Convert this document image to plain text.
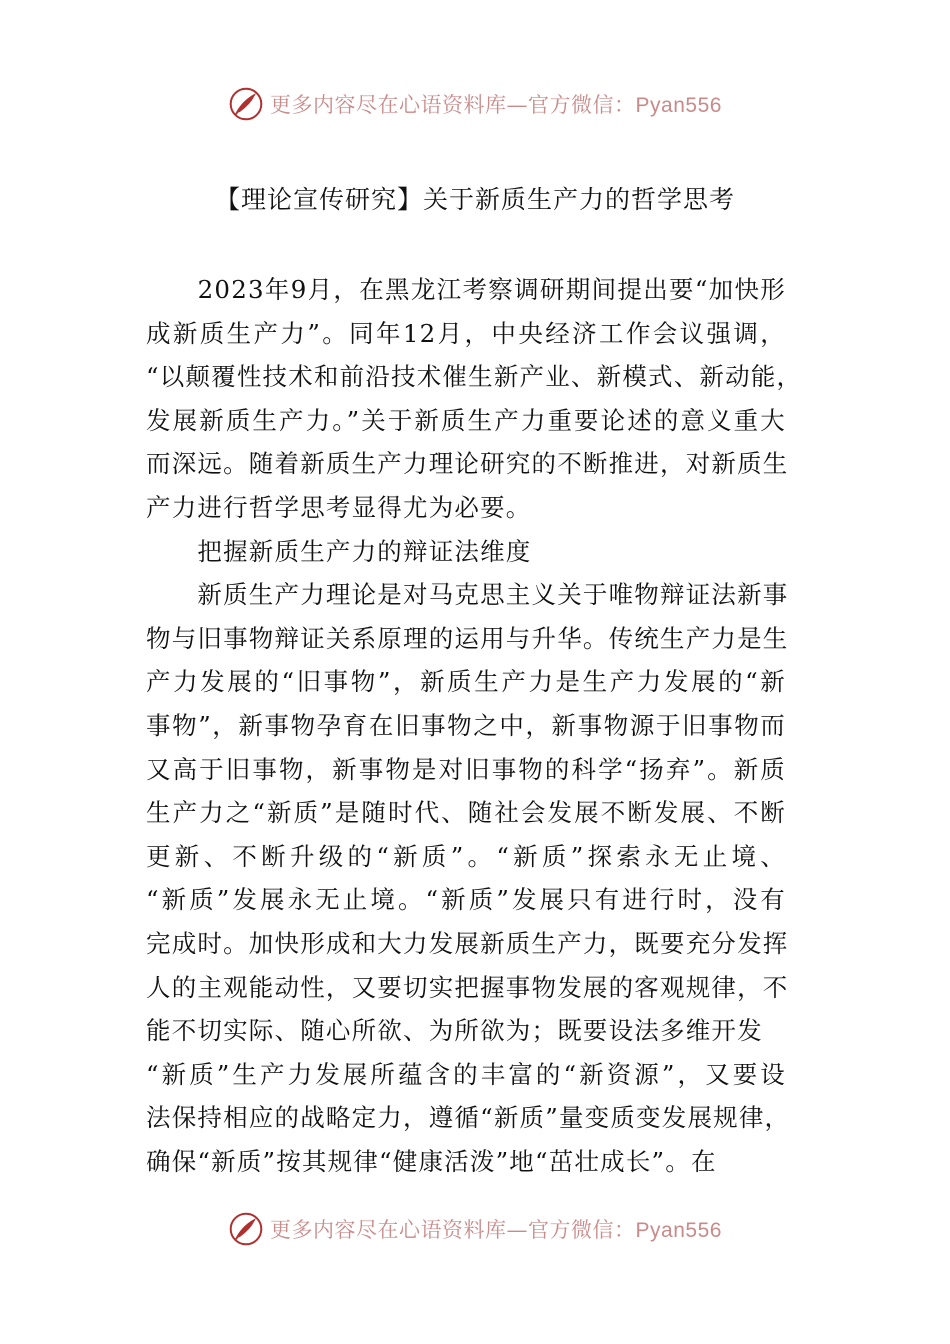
更多内容尽在心语资料库—官方微信：Pyan556
【理论宣传研究】关于新质生产力的哲学思考
　　2023年9月，在黑龙江考察调研期间提出要“加快形
成新质生产力”。同年12月，中央经济工作会议强调，
“以颠覆性技术和前沿技术催生新产业、新模式、新动能，
发展新质生产力。”关于新质生产力重要论述的意义重大
而深远。随着新质生产力理论研究的不断推进，对新质生
产力进行哲学思考显得尤为必要。
　　把握新质生产力的辩证法维度
　　新质生产力理论是对马克思主义关于唯物辩证法新事
物与旧事物辩证关系原理的运用与升华。传统生产力是生
产力发展的“旧事物”，新质生产力是生产力发展的“新
事物”，新事物孕育在旧事物之中，新事物源于旧事物而
又高于旧事物，新事物是对旧事物的科学“扬弃”。新质
生产力之“新质”是随时代、随社会发展不断发展、不断
更新、不断升级的“新质”。“新质”探索永无止境、
“新质”发展永无止境。“新质”发展只有进行时，没有
完成时。加快形成和大力发展新质生产力，既要充分发挥
人的主观能动性，又要切实把握事物发展的客观规律，不
能不切实际、随心所欲、为所欲为；既要设法多维开发
“新质”生产力发展所蕴含的丰富的“新资源”，又要设
法保持相应的战略定力，遵循“新质”量变质变发展规律，
确保“新质”按其规律“健康活泼”地“茁壮成长”。在
更多内容尽在心语资料库—官方微信：Pyan556
